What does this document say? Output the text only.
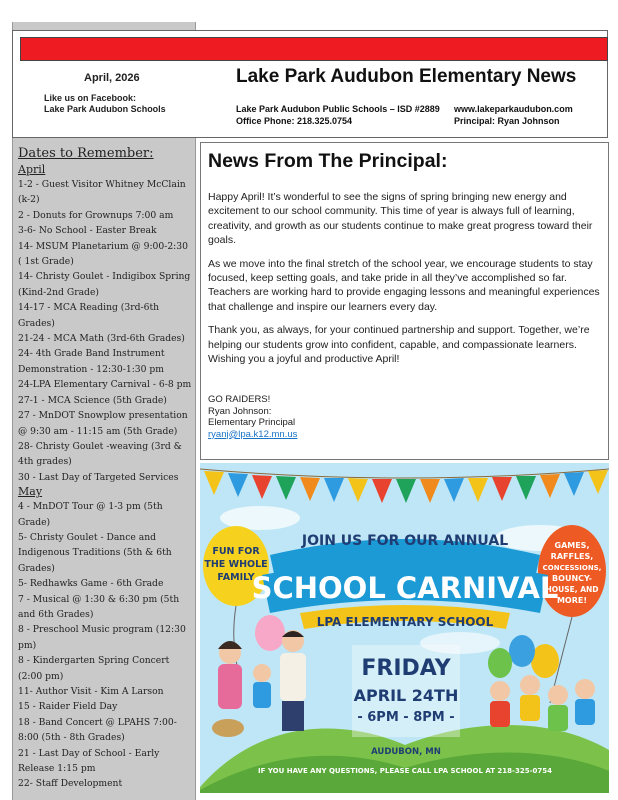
April, 2026
Like us on Facebook:
Lake Park Audubon Schools
Lake Park Audubon Elementary News
Lake Park Audubon Public Schools – ISD #2889
Office Phone: 218.325.0754
www.lakeparkaudubon.com
Principal: Ryan Johnson
Dates to Remember:
April
1-2 - Guest Visitor Whitney McClain (k-2)
2 - Donuts for Grownups 7:00 am
3-6- No School - Easter Break
14- MSUM Planetarium @ 9:00-2:30 ( 1st Grade)
14- Christy Goulet - Indigibox Spring (Kind-2nd Grade)
14-17 - MCA Reading (3rd-6th Grades)
21-24 - MCA Math (3rd-6th Grades)
24- 4th Grade Band Instrument Demonstration - 12:30-1:30 pm
24-LPA Elementary Carnival - 6-8 pm
27-1 - MCA Science (5th Grade)
27 - MnDOT Snowplow presentation @ 9:30 am - 11:15 am (5th Grade)
28- Christy Goulet -weaving (3rd & 4th grades)
30 - Last Day of Targeted Services
May
4 - MnDOT Tour @ 1-3 pm (5th Grade)
5- Christy Goulet - Dance and Indigenous Traditions (5th & 6th Grades)
5- Redhawks Game - 6th Grade
7 - Musical @ 1:30 & 6:30 pm (5th and 6th Grades)
8 - Preschool Music program (12:30 pm)
8 - Kindergarten Spring Concert (2:00 pm)
11- Author Visit - Kim A Larson
15 - Raider Field Day
18 - Band Concert @ LPAHS 7:00-8:00 (5th - 8th Grades)
21 - Last Day of School - Early Release 1:15 pm
22- Staff Development
News From The Principal:

Happy April! It’s wonderful to see the signs of spring bringing new energy and excitement to our school community. This time of year is always full of learning, creativity, and growth as our students continue to make great progress toward their goals.

As we move into the final stretch of the school year, we encourage students to stay focused, keep setting goals, and take pride in all they’ve accomplished so far. Teachers are working hard to provide engaging lessons and meaningful experiences that challenge and inspire our learners every day.

Thank you, as always, for your continued partnership and support. Together, we’re helping our students grow into confident, capable, and compassionate learners. Wishing you a joyful and productive April!

GO RAIDERS!
Ryan Johnson:
Elementary Principal
ryanj@lpa.k12.mn.us
JOIN US FOR OUR ANNUAL
SCHOOL CARNIVAL
LPA ELEMENTARY SCHOOL
FUN FOR
THE WHOLE
FAMILY
GAMES,
RAFFLES,
CONCESSIONS,
BOUNCY-
HOUSE, AND
MORE!
FRIDAY
APRIL 24TH
- 6PM - 8PM -
AUDUBON, MN
IF YOU HAVE ANY QUESTIONS, PLEASE CALL LPA SCHOOL AT 218-325-0754
